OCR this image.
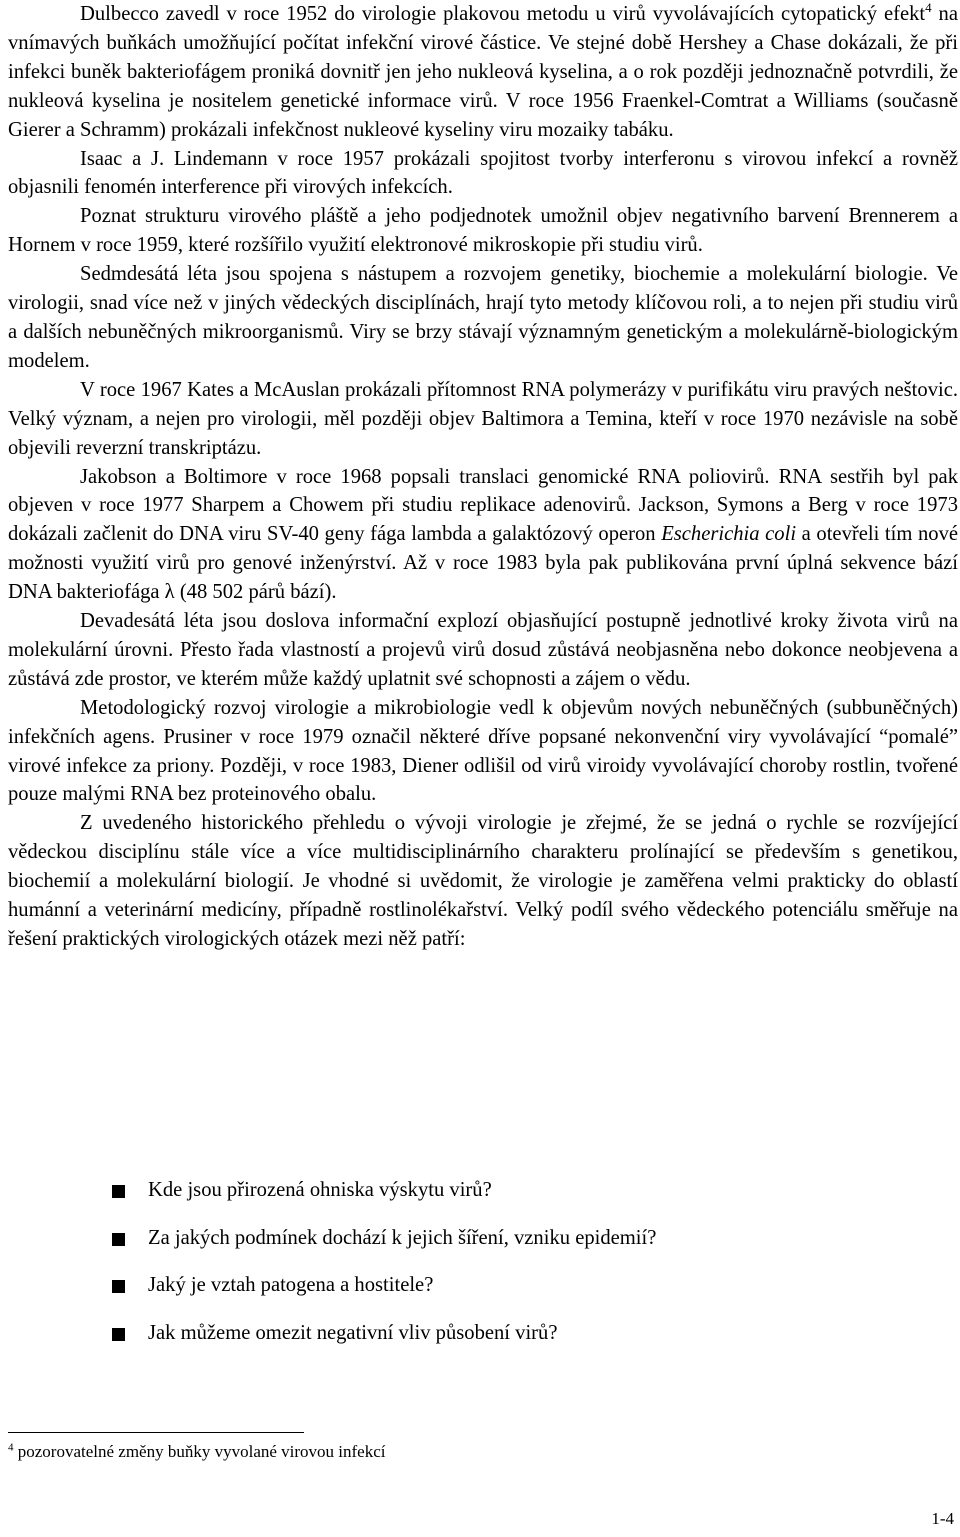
Dulbecco zavedl v roce 1952 do virologie plakovou metodu u virů vyvolávajících cytopatický efekt$^4$ na vnímavých buňkách umožňující počítat infekční virové částice. Ve stejné době Hershey a Chase dokázali, že při infekci buněk bakteriofágem proniká dovnitř jen jeho nukleová kyselina, a o rok později jednoznačně potvrdili, že nukleová kyselina je nositelem genetické informace virů. V roce 1956 Fraenkel-Comtrat a Williams (současně Gierer a Schramm) prokázali infekčnost nukleové kyseliny viru mozaiky tabáku.

Isaac a J. Lindemann v roce 1957 prokázali spojitost tvorby interferonu s virovou infekcí a rovněž objasnili fenomén interference při virových infekcích.

Poznat strukturu virového pláště a jeho podjednotek umožnil objev negativního barvení Brennerem a Hornem v roce 1959, které rozšířilo využití elektronové mikroskopie při studiu virů.

Sedmdesátá léta jsou spojena s nástupem a rozvojem genetiky, biochemie a molekulární biologie. Ve virologii, snad více než v jiných vědeckých disciplínách, hrají tyto metody klíčovou roli, a to nejen při studiu virů a dalších nebuněčných mikroorganismů. Viry se brzy stávají významným genetickým a molekulárně-biologickým modelem.

V roce 1967 Kates a McAuslan prokázali přítomnost RNA polymerázy v purifikátu viru pravých neštovic. Velký význam, a nejen pro virologii, měl později objev Baltimora a Temina, kteří v roce 1970 nezávisle na sobě objevili reverzní transkriptázu.

Jakobson a Boltimore v roce 1968 popsali translaci genomické RNA poliovirů. RNA sestřih byl pak objeven v roce 1977 Sharpem a Chowem při studiu replikace adenovirů. Jackson, Symons a Berg v roce 1973 dokázali začlenit do DNA viru SV-40 geny fága lambda a galaktózový operon Escherichia coli a otevřeli tím nové možnosti využití virů pro genové inženýrství. Až v roce 1983 byla pak publikována první úplná sekvence bází DNA bakteriofága λ (48 502 párů bází).

Devadesátá léta jsou doslova informační explozí objasňující postupně jednotlivé kroky života virů na molekulární úrovni. Přesto řada vlastností a projevů virů dosud zůstává neobjasněna nebo dokonce neobjevena a zůstává zde prostor, ve kterém může každý uplatnit své schopnosti a zájem o vědu.

Metodologický rozvoj virologie a mikrobiologie vedl k objevům nových nebuněčných (subbuněčných) infekčních agens. Prusiner v roce 1979 označil některé dříve popsané nekonvenční viry vyvolávající “pomalé” virové infekce za priony. Později, v roce 1983, Diener odlišil od virů viroidy vyvolávající choroby rostlin, tvořené pouze malými RNA bez proteinového obalu.

Z uvedeného historického přehledu o vývoji virologie je zřejmé, že se jedná o rychle se rozvíjející vědeckou disciplínu stále více a více multidisciplinárního charakteru prolínající se především s genetikou, biochemií a molekulární biologií. Je vhodné si uvědomit, že virologie je zaměřena velmi prakticky do oblastí humánní a veterinární medicíny, případně rostlinolékařství. Velký podíl svého vědeckého potenciálu směřuje na řešení praktických virologických otázek mezi něž patří:

Kde jsou přirozená ohniska výskytu virů?
Za jakých podmínek dochází k jejich šíření, vzniku epidemií?
Jaký je vztah patogena a hostitele?
Jak můžeme omezit negativní vliv působení virů?

$^4$ pozorovatelné změny buňky vyvolané virovou infekcí

1-4
